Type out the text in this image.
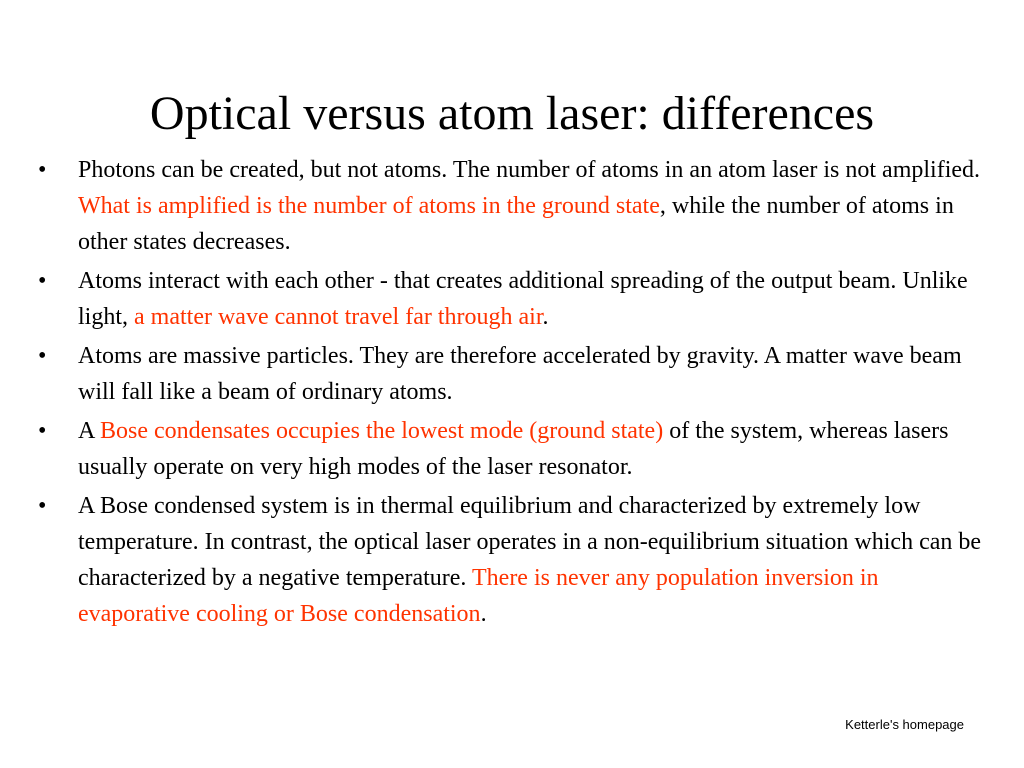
Optical versus atom laser: differences
•	Photons can be created, but not atoms. The number of atoms in an atom laser is not amplified. What is amplified is the number of atoms in the ground state, while the number of atoms in other states decreases.
•	Atoms interact with each other - that creates additional spreading of the output beam. Unlike light, a matter wave cannot travel far through air.
•	Atoms are massive particles. They are therefore accelerated by gravity. A matter wave beam will fall like a beam of ordinary atoms.
•	A Bose condensates occupies the lowest mode (ground state) of the system, whereas lasers usually operate on very high modes of the laser resonator.
•	A Bose condensed system is in thermal equilibrium and characterized by extremely low temperature. In contrast, the optical laser operates in a non-equilibrium situation which can be characterized by a negative temperature. There is never any population inversion in evaporative cooling or Bose condensation.
Ketterle's homepage
